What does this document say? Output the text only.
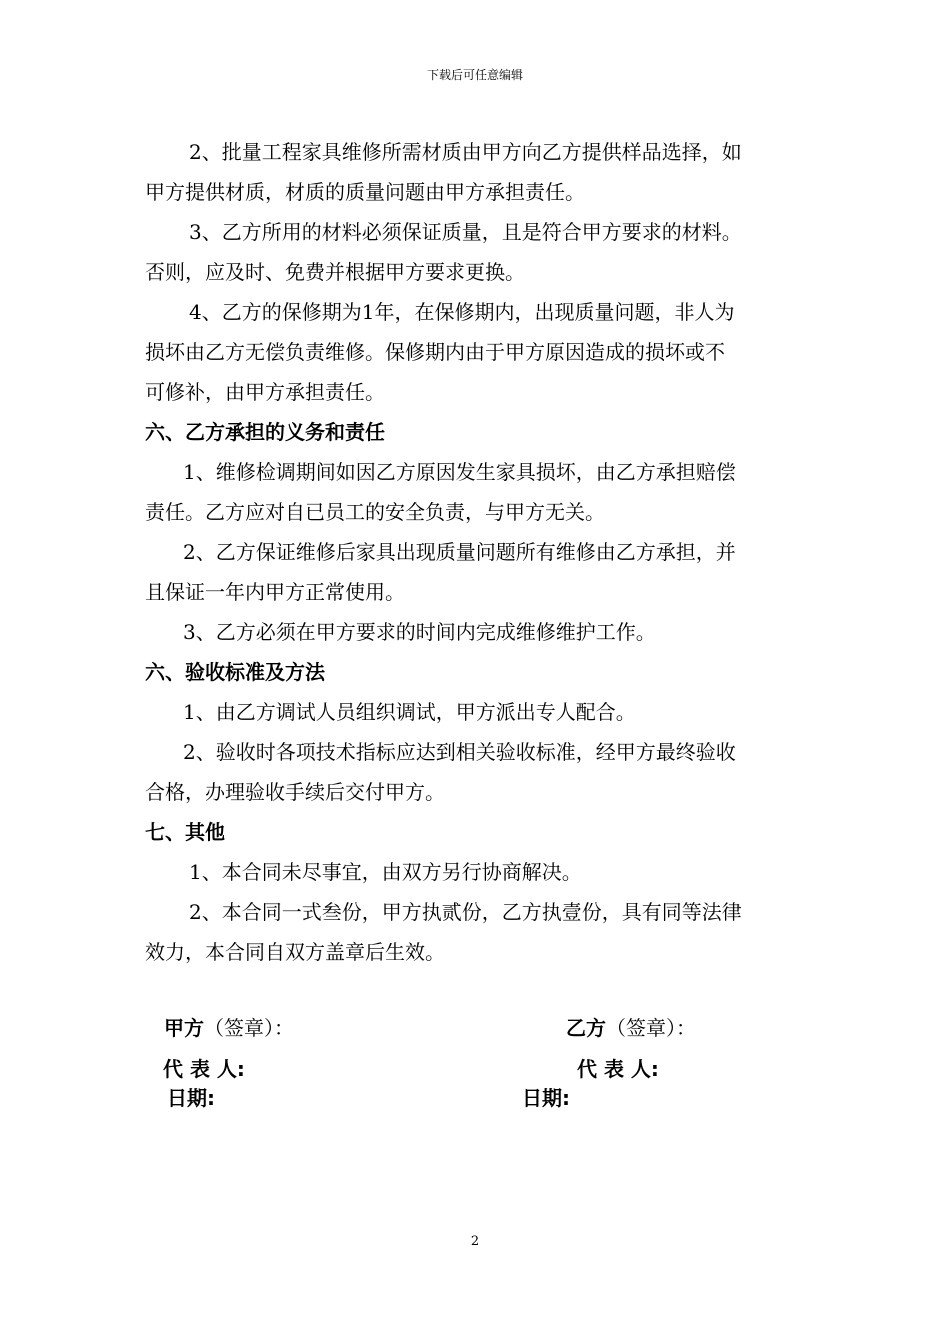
下载后可任意编辑

2、批量工程家具维修所需材质由甲方向乙方提供样品选择，如

甲方提供材质，材质的质量问题由甲方承担责任。

3、乙方所用的材料必须保证质量，且是符合甲方要求的材料。

否则，应及时、免费并根据甲方要求更换。

4、乙方的保修期为1年，在保修期内，出现质量问题，非人为

损坏由乙方无偿负责维修。保修期内由于甲方原因造成的损坏或不

可修补，由甲方承担责任。

六、乙方承担的义务和责任

1、维修检调期间如因乙方原因发生家具损坏，由乙方承担赔偿

责任。乙方应对自已员工的安全负责，与甲方无关。

2、乙方保证维修后家具出现质量问题所有维修由乙方承担，并

且保证一年内甲方正常使用。

3、乙方必须在甲方要求的时间内完成维修维护工作。

六、验收标准及方法

1、由乙方调试人员组织调试，甲方派出专人配合。

2、验收时各项技术指标应达到相关验收标准，经甲方最终验收

合格，办理验收手续后交付甲方。

七、其他

1、本合同未尽事宜，由双方另行协商解决。

2、本合同一式叁份，甲方执贰份，乙方执壹份，具有同等法律

效力，本合同自双方盖章后生效。

甲方（签章）：	乙方（签章）：
代 表 人:	代 表 人:
日期:	日期:
2
